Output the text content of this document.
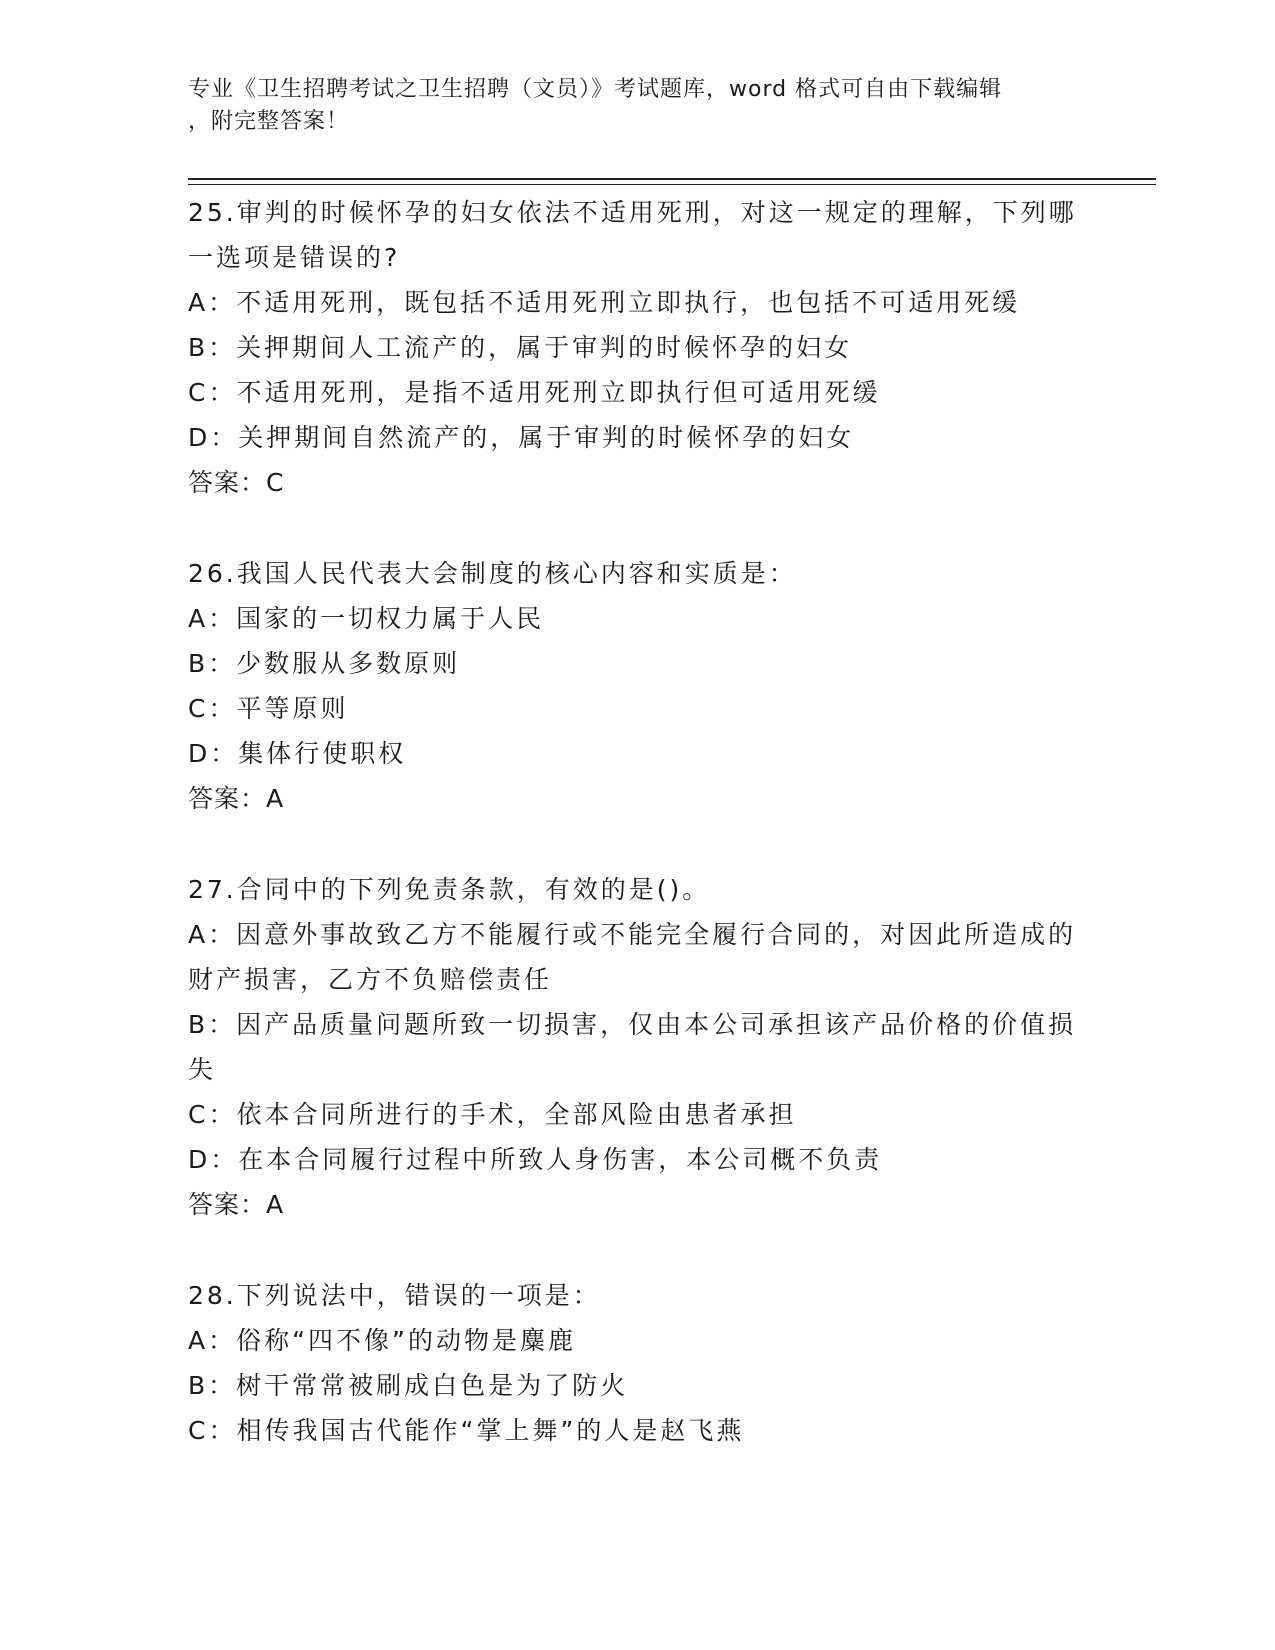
专业《卫生招聘考试之卫生招聘（文员）》考试题库，word 格式可自由下载编辑
，附完整答案！
25.审判的时候怀孕的妇女依法不适用死刑，对这一规定的理解，下列哪一选项是错误的?
A：不适用死刑，既包括不适用死刑立即执行，也包括不可适用死缓
B：关押期间人工流产的，属于审判的时候怀孕的妇女
C：不适用死刑，是指不适用死刑立即执行但可适用死缓
D：关押期间自然流产的，属于审判的时候怀孕的妇女
答案：C
26.我国人民代表大会制度的核心内容和实质是：
A：国家的一切权力属于人民
B：少数服从多数原则
C：平等原则
D：集体行使职权
答案：A
27.合同中的下列免责条款，有效的是()。
A：因意外事故致乙方不能履行或不能完全履行合同的，对因此所造成的财产损害，乙方不负赔偿责任
B：因产品质量问题所致一切损害，仅由本公司承担该产品价格的价值损失
C：依本合同所进行的手术，全部风险由患者承担
D：在本合同履行过程中所致人身伤害，本公司概不负责
答案：A
28.下列说法中，错误的一项是：
A：俗称“四不像”的动物是麋鹿
B：树干常常被刷成白色是为了防火
C：相传我国古代能作“掌上舞”的人是赵飞燕
